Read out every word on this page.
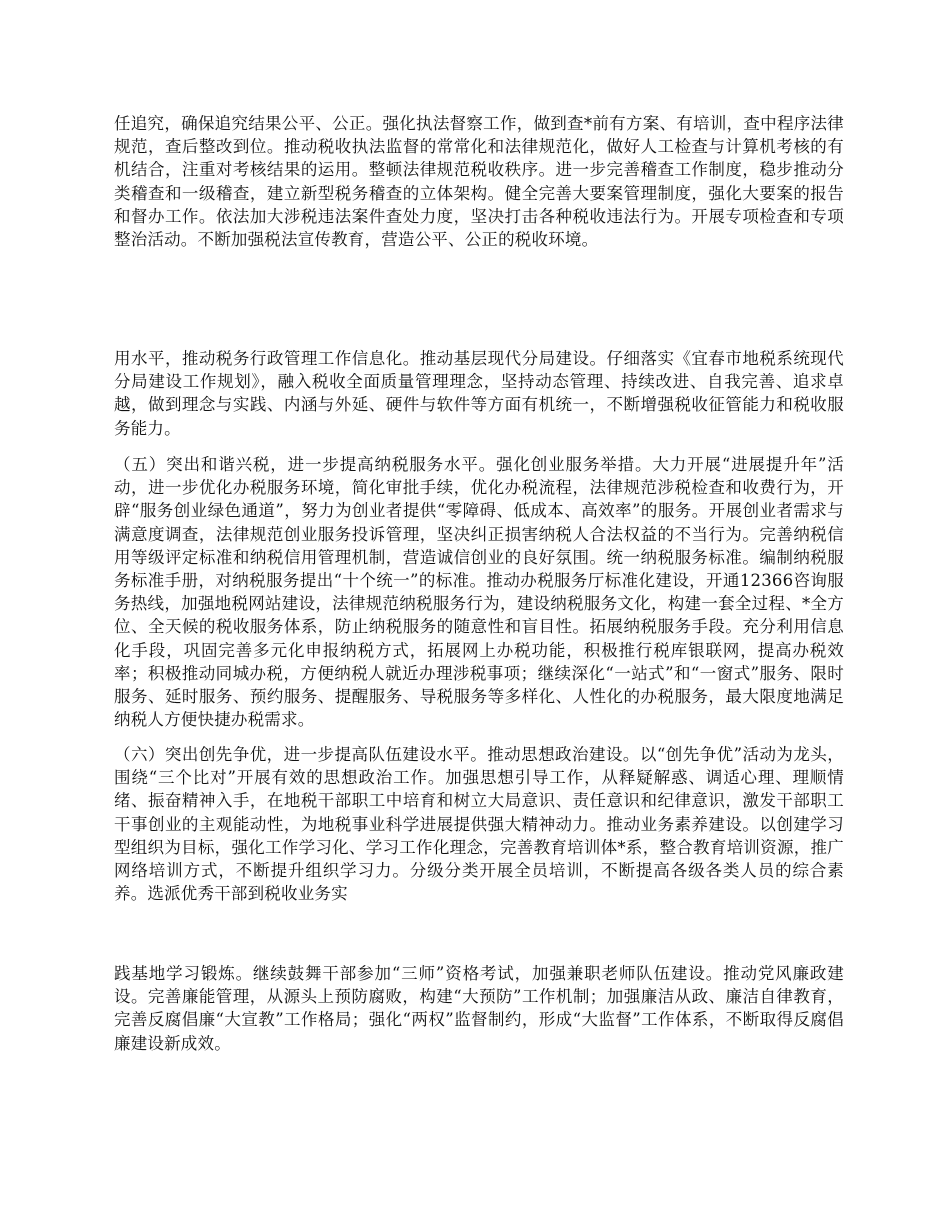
任追究，确保追究结果公平、公正。强化执法督察工作，做到查*前有方案、有培训，查中程序法律规范，查后整改到位。推动税收执法监督的常常化和法律规范化，做好人工检查与计算机考核的有机结合，注重对考核结果的运用。整顿法律规范税收秩序。进一步完善稽查工作制度，稳步推动分类稽查和一级稽查，建立新型税务稽查的立体架构。健全完善大要案管理制度，强化大要案的报告和督办工作。依法加大涉税违法案件查处力度，坚决打击各种税收违法行为。开展专项检查和专项整治活动。不断加强税法宣传教育，营造公平、公正的税收环境。

用水平，推动税务行政管理工作信息化。推动基层现代分局建设。仔细落实《宜春市地税系统现代分局建设工作规划》，融入税收全面质量管理理念，坚持动态管理、持续改进、自我完善、追求卓越，做到理念与实践、内涵与外延、硬件与软件等方面有机统一，不断增强税收征管能力和税收服务能力。

（五）突出和谐兴税，进一步提高纳税服务水平。强化创业服务举措。大力开展“进展提升年”活动，进一步优化办税服务环境，简化审批手续，优化办税流程，法律规范涉税检查和收费行为，开辟“服务创业绿色通道”，努力为创业者提供“零障碍、低成本、高效率”的服务。开展创业者需求与满意度调查，法律规范创业服务投诉管理，坚决纠正损害纳税人合法权益的不当行为。完善纳税信用等级评定标准和纳税信用管理机制，营造诚信创业的良好氛围。统一纳税服务标准。编制纳税服务标准手册，对纳税服务提出“十个统一”的标准。推动办税服务厅标准化建设，开通12366咨询服务热线，加强地税网站建设，法律规范纳税服务行为，建设纳税服务文化，构建一套全过程、*全方位、全天候的税收服务体系，防止纳税服务的随意性和盲目性。拓展纳税服务手段。充分利用信息化手段，巩固完善多元化申报纳税方式，拓展网上办税功能，积极推行税库银联网，提高办税效率；积极推动同城办税，方便纳税人就近办理涉税事项；继续深化“一站式”和“一窗式”服务、限时服务、延时服务、预约服务、提醒服务、导税服务等多样化、人性化的办税服务，最大限度地满足纳税人方便快捷办税需求。

（六）突出创先争优，进一步提高队伍建设水平。推动思想政治建设。以“创先争优”活动为龙头，围绕“三个比对”开展有效的思想政治工作。加强思想引导工作，从释疑解惑、调适心理、理顺情绪、振奋精神入手，在地税干部职工中培育和树立大局意识、责任意识和纪律意识，激发干部职工干事创业的主观能动性，为地税事业科学进展提供强大精神动力。推动业务素养建设。以创建学习型组织为目标，强化工作学习化、学习工作化理念，完善教育培训体*系，整合教育培训资源，推广网络培训方式，不断提升组织学习力。分级分类开展全员培训，不断提高各级各类人员的综合素养。选派优秀干部到税收业务实

践基地学习锻炼。继续鼓舞干部参加“三师”资格考试，加强兼职老师队伍建设。推动党风廉政建设。完善廉能管理，从源头上预防腐败，构建“大预防”工作机制；加强廉洁从政、廉洁自律教育，完善反腐倡廉“大宣教”工作格局；强化“两权”监督制约，形成“大监督”工作体系，不断取得反腐倡廉建设新成效。
